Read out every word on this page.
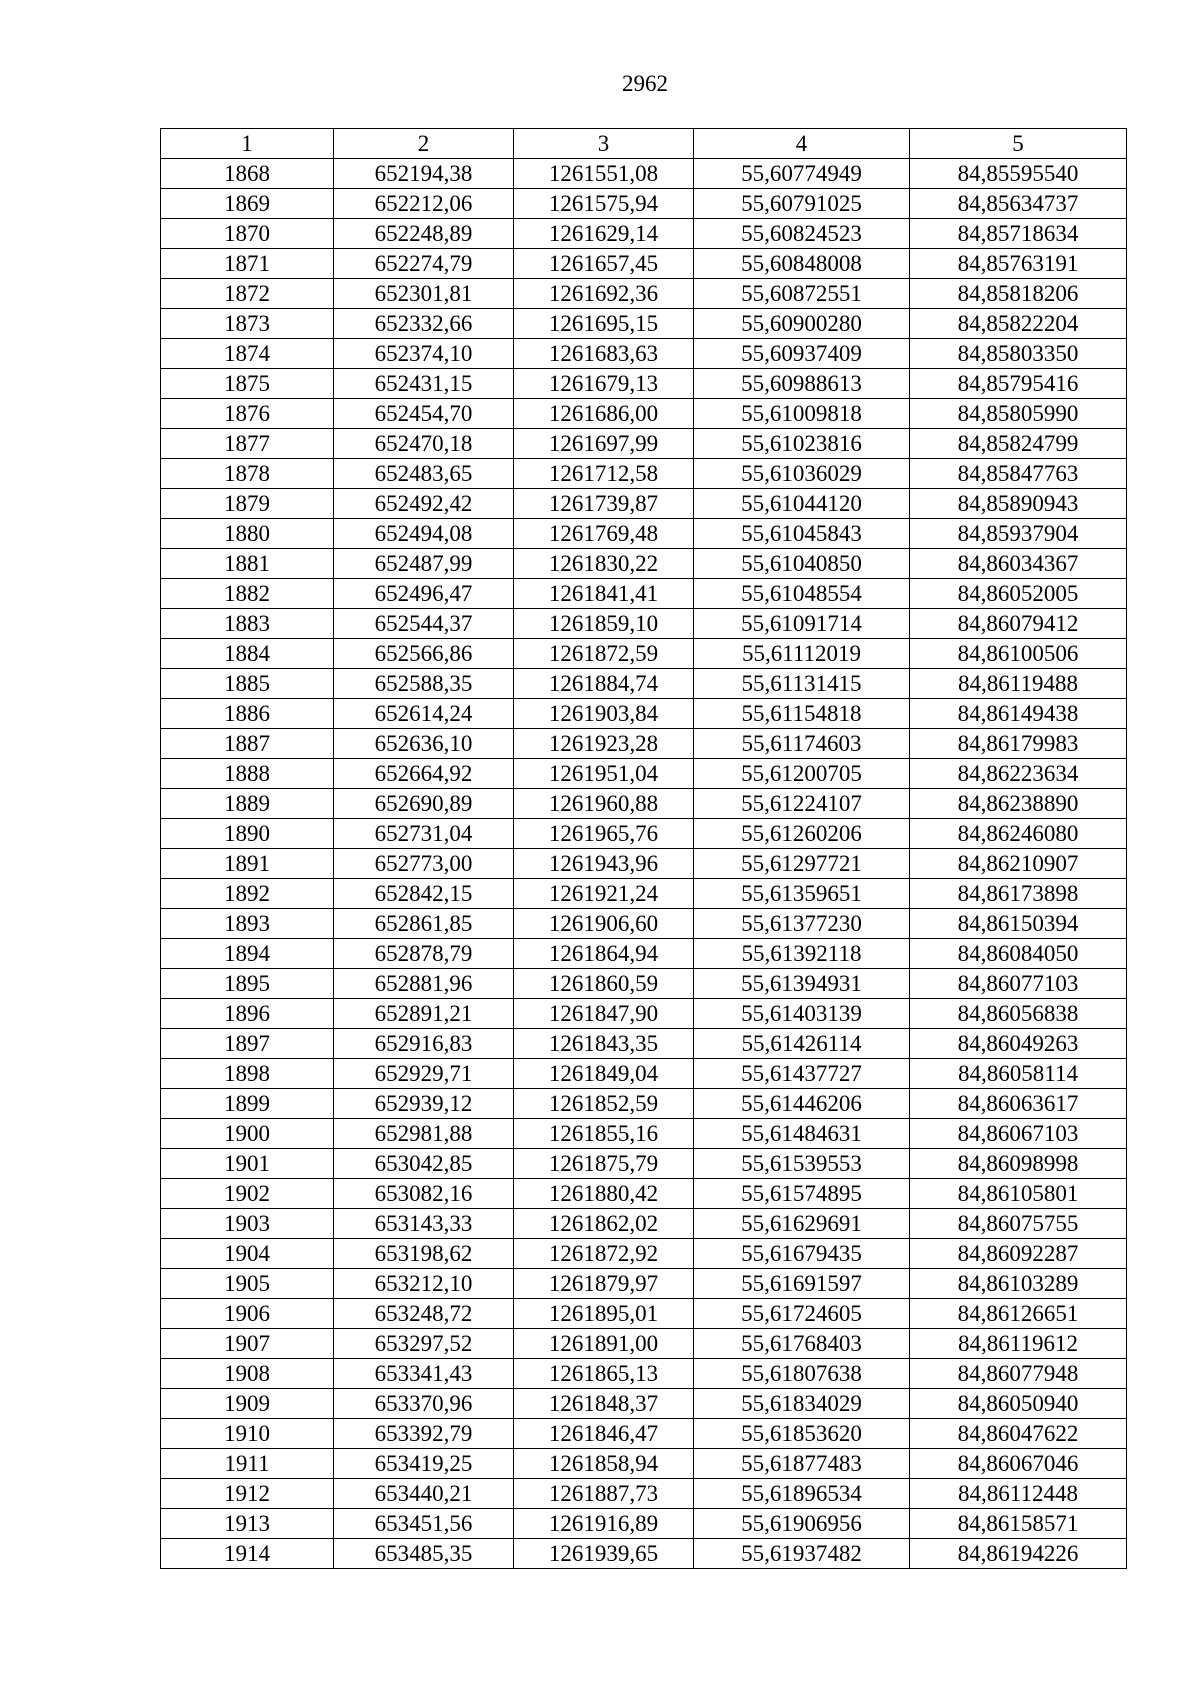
2962
1	2	3	4	5
1868	652194,38	1261551,08	55,60774949	84,85595540
1869	652212,06	1261575,94	55,60791025	84,85634737
1870	652248,89	1261629,14	55,60824523	84,85718634
1871	652274,79	1261657,45	55,60848008	84,85763191
1872	652301,81	1261692,36	55,60872551	84,85818206
1873	652332,66	1261695,15	55,60900280	84,85822204
1874	652374,10	1261683,63	55,60937409	84,85803350
1875	652431,15	1261679,13	55,60988613	84,85795416
1876	652454,70	1261686,00	55,61009818	84,85805990
1877	652470,18	1261697,99	55,61023816	84,85824799
1878	652483,65	1261712,58	55,61036029	84,85847763
1879	652492,42	1261739,87	55,61044120	84,85890943
1880	652494,08	1261769,48	55,61045843	84,85937904
1881	652487,99	1261830,22	55,61040850	84,86034367
1882	652496,47	1261841,41	55,61048554	84,86052005
1883	652544,37	1261859,10	55,61091714	84,86079412
1884	652566,86	1261872,59	55,61112019	84,86100506
1885	652588,35	1261884,74	55,61131415	84,86119488
1886	652614,24	1261903,84	55,61154818	84,86149438
1887	652636,10	1261923,28	55,61174603	84,86179983
1888	652664,92	1261951,04	55,61200705	84,86223634
1889	652690,89	1261960,88	55,61224107	84,86238890
1890	652731,04	1261965,76	55,61260206	84,86246080
1891	652773,00	1261943,96	55,61297721	84,86210907
1892	652842,15	1261921,24	55,61359651	84,86173898
1893	652861,85	1261906,60	55,61377230	84,86150394
1894	652878,79	1261864,94	55,61392118	84,86084050
1895	652881,96	1261860,59	55,61394931	84,86077103
1896	652891,21	1261847,90	55,61403139	84,86056838
1897	652916,83	1261843,35	55,61426114	84,86049263
1898	652929,71	1261849,04	55,61437727	84,86058114
1899	652939,12	1261852,59	55,61446206	84,86063617
1900	652981,88	1261855,16	55,61484631	84,86067103
1901	653042,85	1261875,79	55,61539553	84,86098998
1902	653082,16	1261880,42	55,61574895	84,86105801
1903	653143,33	1261862,02	55,61629691	84,86075755
1904	653198,62	1261872,92	55,61679435	84,86092287
1905	653212,10	1261879,97	55,61691597	84,86103289
1906	653248,72	1261895,01	55,61724605	84,86126651
1907	653297,52	1261891,00	55,61768403	84,86119612
1908	653341,43	1261865,13	55,61807638	84,86077948
1909	653370,96	1261848,37	55,61834029	84,86050940
1910	653392,79	1261846,47	55,61853620	84,86047622
1911	653419,25	1261858,94	55,61877483	84,86067046
1912	653440,21	1261887,73	55,61896534	84,86112448
1913	653451,56	1261916,89	55,61906956	84,86158571
1914	653485,35	1261939,65	55,61937482	84,86194226
